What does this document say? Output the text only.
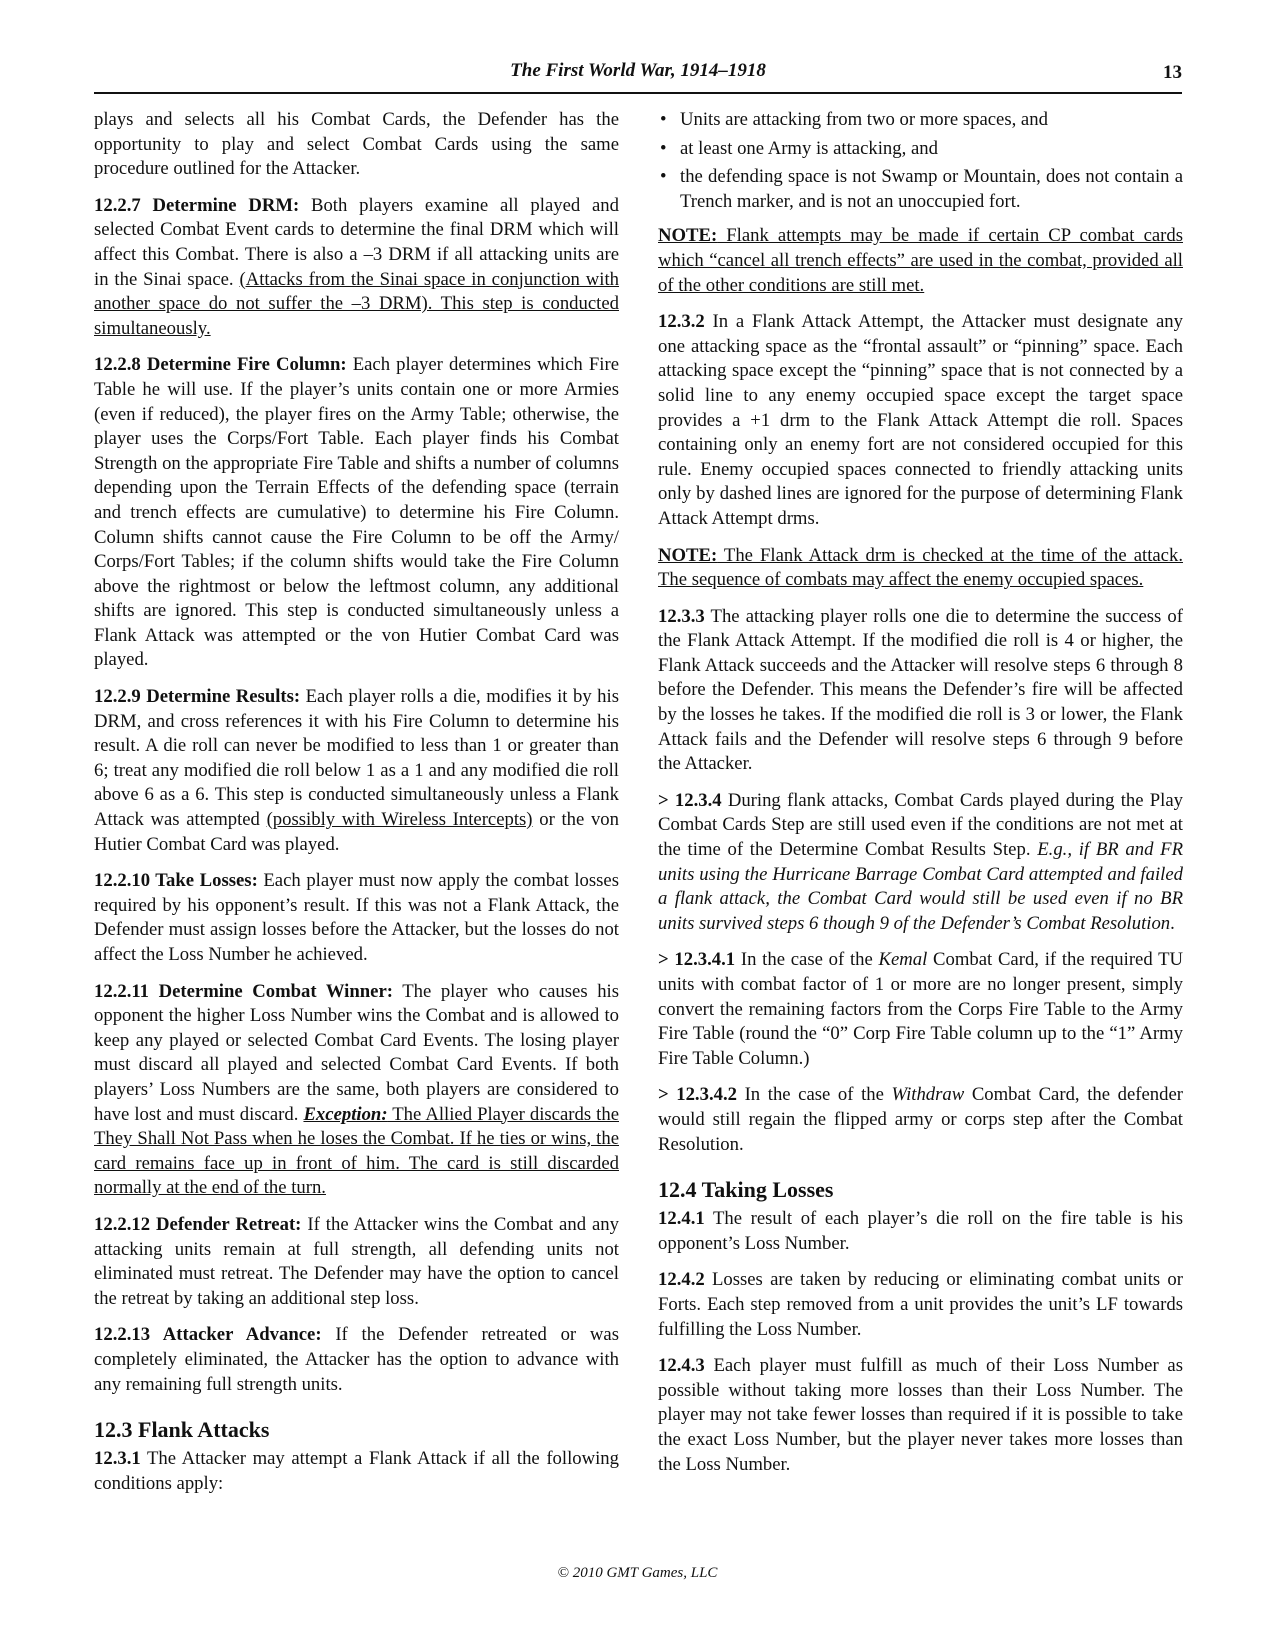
The First World War, 1914–1918	13

plays and selects all his Combat Cards, the Defender has the opportunity to play and select Combat Cards using the same procedure outlined for the Attacker.

12.2.7 Determine DRM: Both players examine all played and selected Combat Event cards to determine the final DRM which will affect this Combat. There is also a –3 DRM if all attacking units are in the Sinai space. (Attacks from the Sinai space in conjunction with another space do not suffer the –3 DRM). This step is conducted simultaneously.

12.2.8 Determine Fire Column: Each player determines which Fire Table he will use. If the player’s units contain one or more Armies (even if reduced), the player fires on the Army Table; otherwise, the player uses the Corps/Fort Table. Each player finds his Combat Strength on the appropriate Fire Table and shifts a number of columns depending upon the Terrain Effects of the defending space (terrain and trench effects are cumulative) to determine his Fire Column. Column shifts cannot cause the Fire Column to be off the Army/ Corps/Fort Tables; if the column shifts would take the Fire Column above the rightmost or below the leftmost column, any additional shifts are ignored. This step is conducted simultaneously unless a Flank Attack was attempted or the von Hutier Combat Card was played.

12.2.9 Determine Results: Each player rolls a die, modifies it by his DRM, and cross references it with his Fire Column to determine his result. A die roll can never be modified to less than 1 or greater than 6; treat any modified die roll below 1 as a 1 and any modified die roll above 6 as a 6. This step is conducted simultaneously unless a Flank Attack was attempted (possibly with Wireless Intercepts) or the von Hutier Combat Card was played.

12.2.10 Take Losses: Each player must now apply the combat losses required by his opponent’s result. If this was not a Flank Attack, the Defender must assign losses before the Attacker, but the losses do not affect the Loss Number he achieved.

12.2.11 Determine Combat Winner: The player who causes his opponent the higher Loss Number wins the Combat and is allowed to keep any played or selected Combat Card Events. The losing player must discard all played and selected Combat Card Events. If both players’ Loss Numbers are the same, both players are considered to have lost and must discard. Exception: The Allied Player discards the They Shall Not Pass when he loses the Combat. If he ties or wins, the card remains face up in front of him. The card is still discarded normally at the end of the turn.

12.2.12 Defender Retreat: If the Attacker wins the Combat and any attacking units remain at full strength, all defending units not eliminated must retreat. The Defender may have the option to cancel the retreat by taking an additional step loss.

12.2.13 Attacker Advance: If the Defender retreated or was completely eliminated, the Attacker has the option to advance with any remaining full strength units.

12.3 Flank Attacks

12.3.1 The Attacker may attempt a Flank Attack if all the following conditions apply:

• Units are attacking from two or more spaces, and
• at least one Army is attacking, and
• the defending space is not Swamp or Mountain, does not contain a Trench marker, and is not an unoccupied fort.

NOTE: Flank attempts may be made if certain CP combat cards which “cancel all trench effects” are used in the combat, provided all of the other conditions are still met.

12.3.2 In a Flank Attack Attempt, the Attacker must designate any one attacking space as the “frontal assault” or “pinning” space. Each attacking space except the “pinning” space that is not connected by a solid line to any enemy occupied space except the target space provides a +1 drm to the Flank Attack Attempt die roll. Spaces containing only an enemy fort are not considered occupied for this rule. Enemy occupied spaces connected to friendly attacking units only by dashed lines are ignored for the purpose of determining Flank Attack Attempt drms.

NOTE: The Flank Attack drm is checked at the time of the attack. The sequence of combats may affect the enemy occupied spaces.

12.3.3 The attacking player rolls one die to determine the success of the Flank Attack Attempt. If the modified die roll is 4 or higher, the Flank Attack succeeds and the Attacker will resolve steps 6 through 8 before the Defender. This means the Defender’s fire will be affected by the losses he takes. If the modified die roll is 3 or lower, the Flank Attack fails and the Defender will resolve steps 6 through 9 before the Attacker.

> 12.3.4 During flank attacks, Combat Cards played during the Play Combat Cards Step are still used even if the conditions are not met at the time of the Determine Combat Results Step. E.g., if BR and FR units using the Hurricane Barrage Combat Card attempted and failed a flank attack, the Combat Card would still be used even if no BR units survived steps 6 though 9 of the Defender’s Combat Resolution.

> 12.3.4.1 In the case of the Kemal Combat Card, if the required TU units with combat factor of 1 or more are no longer present, simply convert the remaining factors from the Corps Fire Table to the Army Fire Table (round the “0” Corp Fire Table column up to the “1” Army Fire Table Column.)

> 12.3.4.2 In the case of the Withdraw Combat Card, the defender would still regain the flipped army or corps step after the Combat Resolution.

12.4 Taking Losses

12.4.1 The result of each player’s die roll on the fire table is his opponent’s Loss Number.

12.4.2 Losses are taken by reducing or eliminating combat units or Forts. Each step removed from a unit provides the unit’s LF towards fulfilling the Loss Number.

12.4.3 Each player must fulfill as much of their Loss Number as possible without taking more losses than their Loss Number. The player may not take fewer losses than required if it is possible to take the exact Loss Number, but the player never takes more losses than the Loss Number.

© 2010 GMT Games, LLC
